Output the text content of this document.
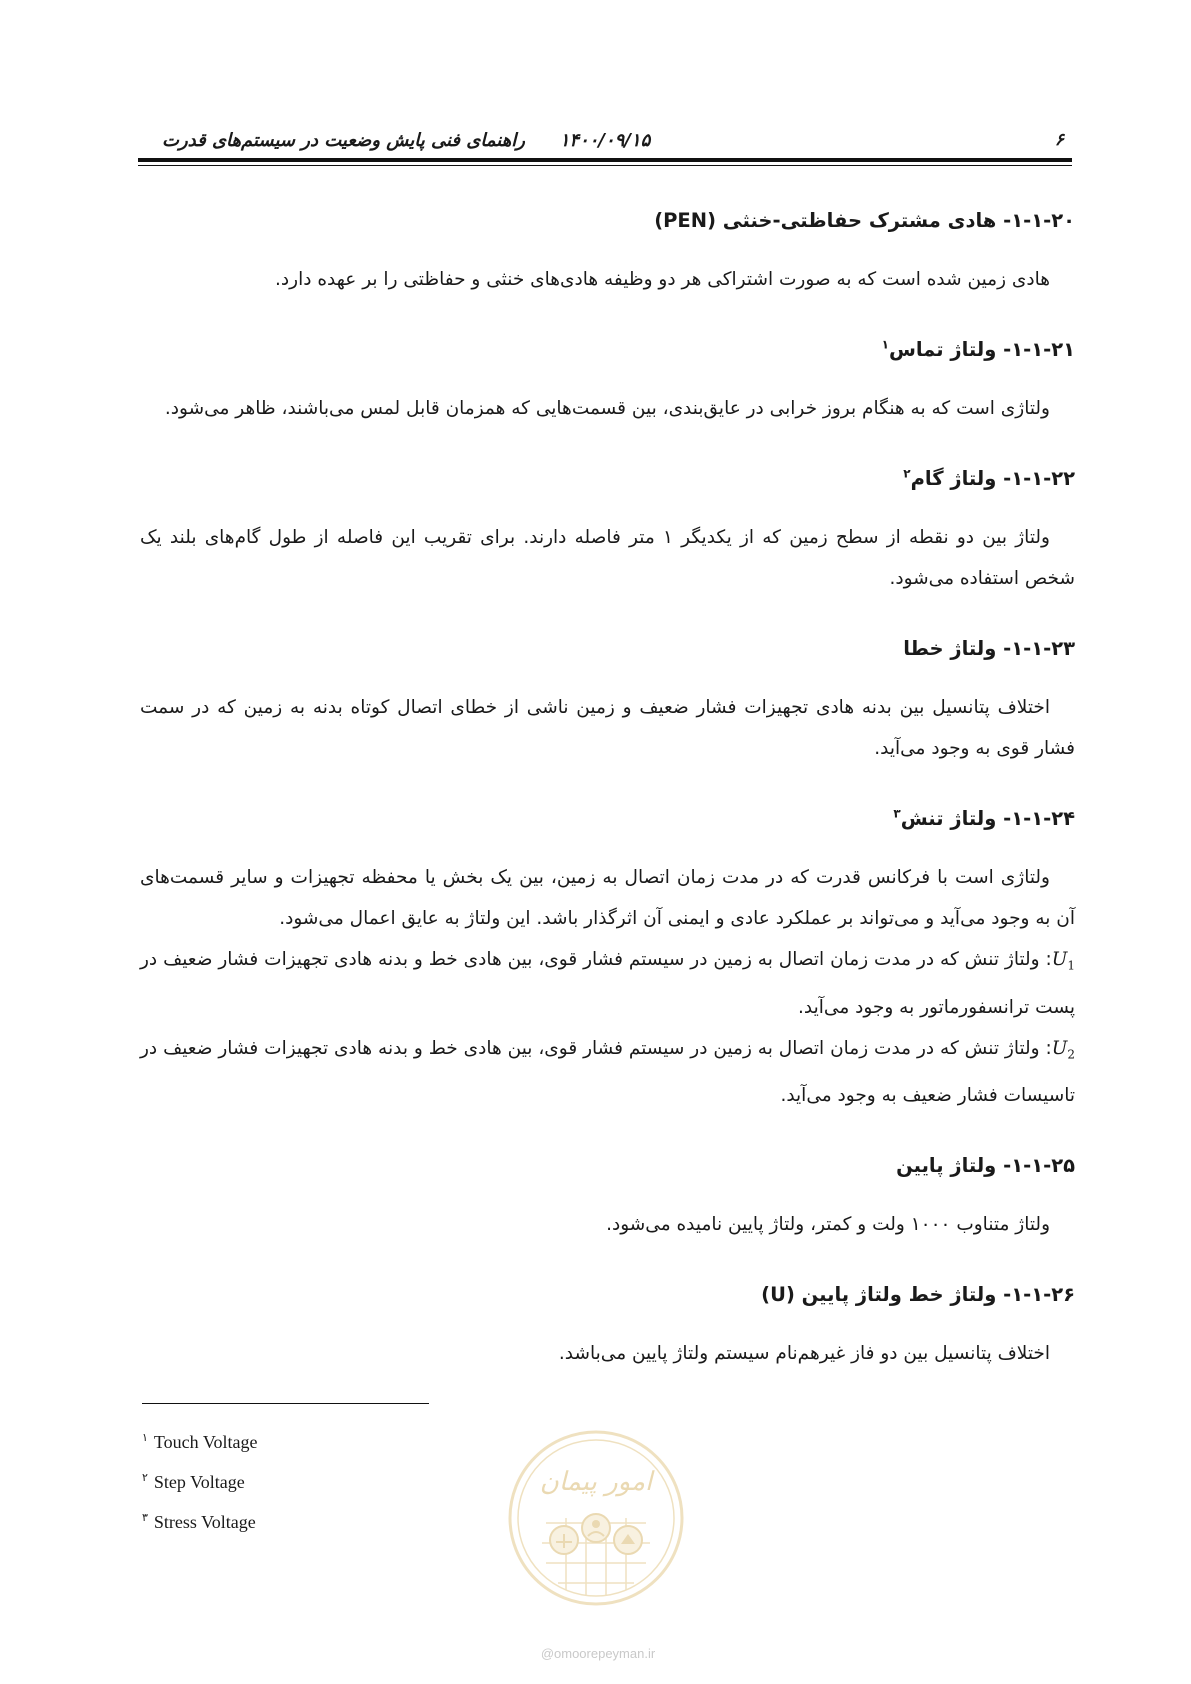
۶
۱۴۰۰/۰۹/۱۵
راهنمای فنی پایش وضعیت در سیستم‌های قدرت
۱-۱-۲۰- هادی مشترک حفاظتی-خنثی (PEN)

هادی زمین شده است که به صورت اشتراکی هر دو وظیفه هادی‌های خنثی و حفاظتی را بر عهده دارد.

۱-۱-۲۱- ولتاژ تماس$^۱$

ولتاژی است که به هنگام بروز خرابی در عایق‌بندی، بین قسمت‌هایی که همزمان قابل لمس می‌باشند، ظاهر می‌شود.

۱-۱-۲۲- ولتاژ گام$^۲$

ولتاژ بین دو نقطه از سطح زمین که از یکدیگر ۱ متر فاصله دارند. برای تقریب این فاصله از طول گام‌های بلند یک شخص استفاده می‌شود.

۱-۱-۲۳- ولتاژ خطا

اختلاف پتانسیل بین بدنه هادی تجهیزات فشار ضعیف و زمین ناشی از خطای اتصال کوتاه بدنه به زمین که در سمت فشار قوی به وجود می‌آید.

۱-۱-۲۴- ولتاژ تنش$^۳$

ولتاژی است با فرکانس قدرت که در مدت زمان اتصال به زمین، بین یک بخش یا محفظه تجهیزات و سایر قسمت‌های آن به وجود می‌آید و می‌تواند بر عملکرد عادی و ایمنی آن اثرگذار باشد. این ولتاژ به عایق اعمال می‌شود.

$U_1$: ولتاژ تنش که در مدت زمان اتصال به زمین در سیستم فشار قوی، بین هادی خط و بدنه هادی تجهیزات فشار ضعیف در پست ترانسفورماتور به وجود می‌آید.

$U_2$: ولتاژ تنش که در مدت زمان اتصال به زمین در سیستم فشار قوی، بین هادی خط و بدنه هادی تجهیزات فشار ضعیف در تاسیسات فشار ضعیف به وجود می‌آید.

۱-۱-۲۵- ولتاژ پایین

ولتاژ متناوب ۱۰۰۰ ولت و کمتر، ولتاژ پایین نامیده می‌شود.

۱-۱-۲۶- ولتاژ خط ولتاژ پایین (U)

اختلاف پتانسیل بین دو فاز غیرهم‌نام سیستم ولتاژ پایین می‌باشد.

$^۱$ Touch Voltage
$^۲$ Step Voltage
$^۳$ Stress Voltage
امور پیمان
@omoorepeyman.ir
